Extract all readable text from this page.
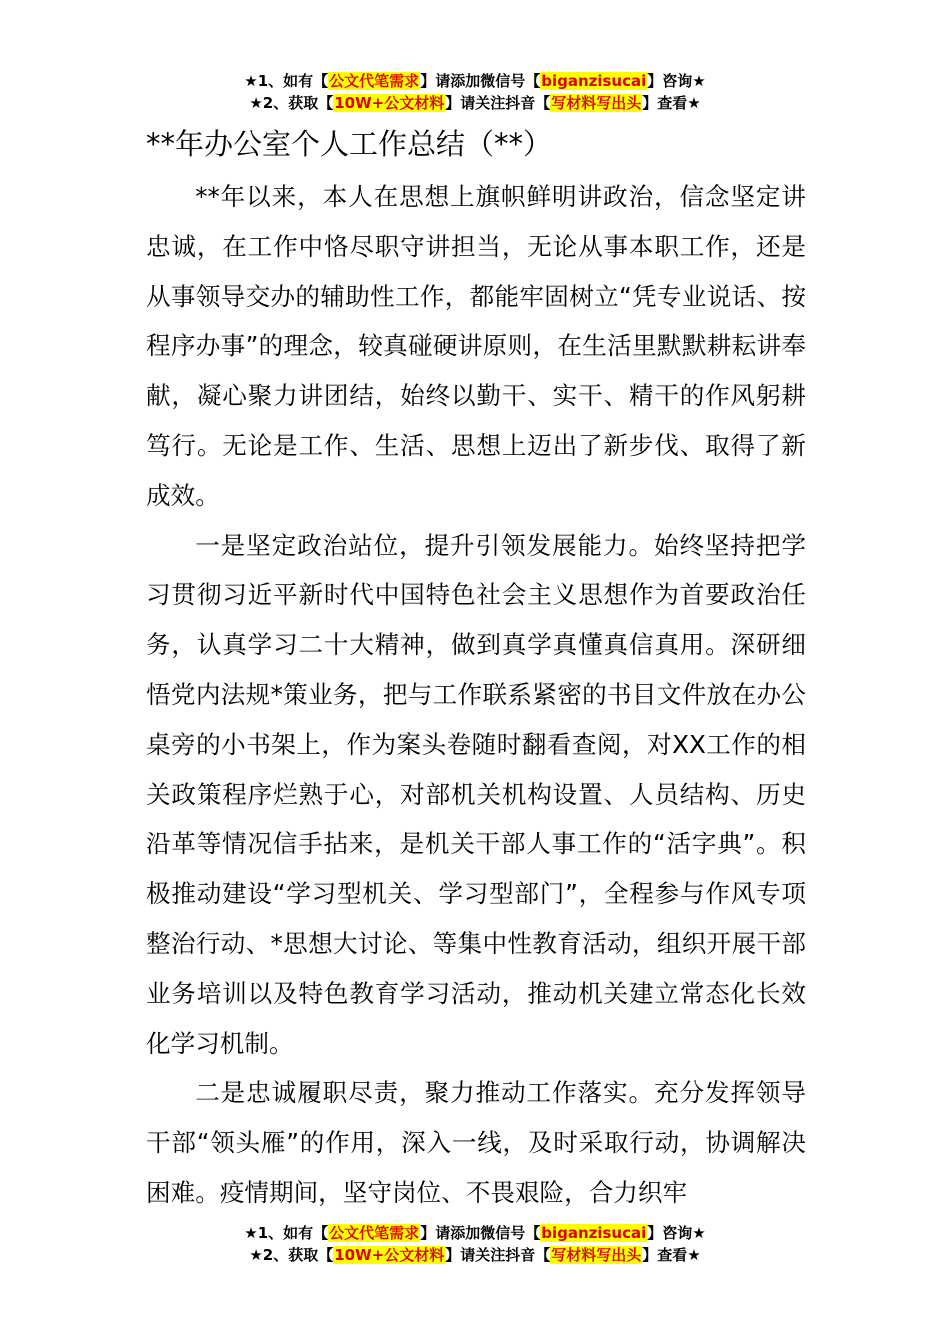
★1、如有【公文代笔需求】请添加微信号【biganzisucai】咨询★
★2、获取【10W+公文材料】请关注抖音【写材料写出头】查看★
**年办公室个人工作总结（**）

**年以来，本人在思想上旗帜鲜明讲政治，信念坚定讲忠诚，在工作中恪尽职守讲担当，无论从事本职工作，还是从事领导交办的辅助性工作，都能牢固树立“凭专业说话、按程序办事”的理念，较真碰硬讲原则，在生活里默默耕耘讲奉献，凝心聚力讲团结，始终以勤干、实干、精干的作风躬耕笃行。无论是工作、生活、思想上迈出了新步伐、取得了新成效。

一是坚定政治站位，提升引领发展能力。始终坚持把学习贯彻习近平新时代中国特色社会主义思想作为首要政治任务，认真学习二十大精神，做到真学真懂真信真用。深研细悟党内法规*策业务，把与工作联系紧密的书目文件放在办公桌旁的小书架上，作为案头卷随时翻看查阅，对XX工作的相关政策程序烂熟于心，对部机关机构设置、人员结构、历史沿革等情况信手拈来，是机关干部人事工作的“活字典”。积极推动建设“学习型机关、学习型部门”，全程参与作风专项整治行动、*思想大讨论、等集中性教育活动，组织开展干部业务培训以及特色教育学习活动，推动机关建立常态化长效化学习机制。

二是忠诚履职尽责，聚力推动工作落实。充分发挥领导干部“领头雁”的作用，深入一线，及时采取行动，协调解决困难。疫情期间，坚守岗位、不畏艰险，合力织牢

★1、如有【公文代笔需求】请添加微信号【biganzisucai】咨询★
★2、获取【10W+公文材料】请关注抖音【写材料写出头】查看★
